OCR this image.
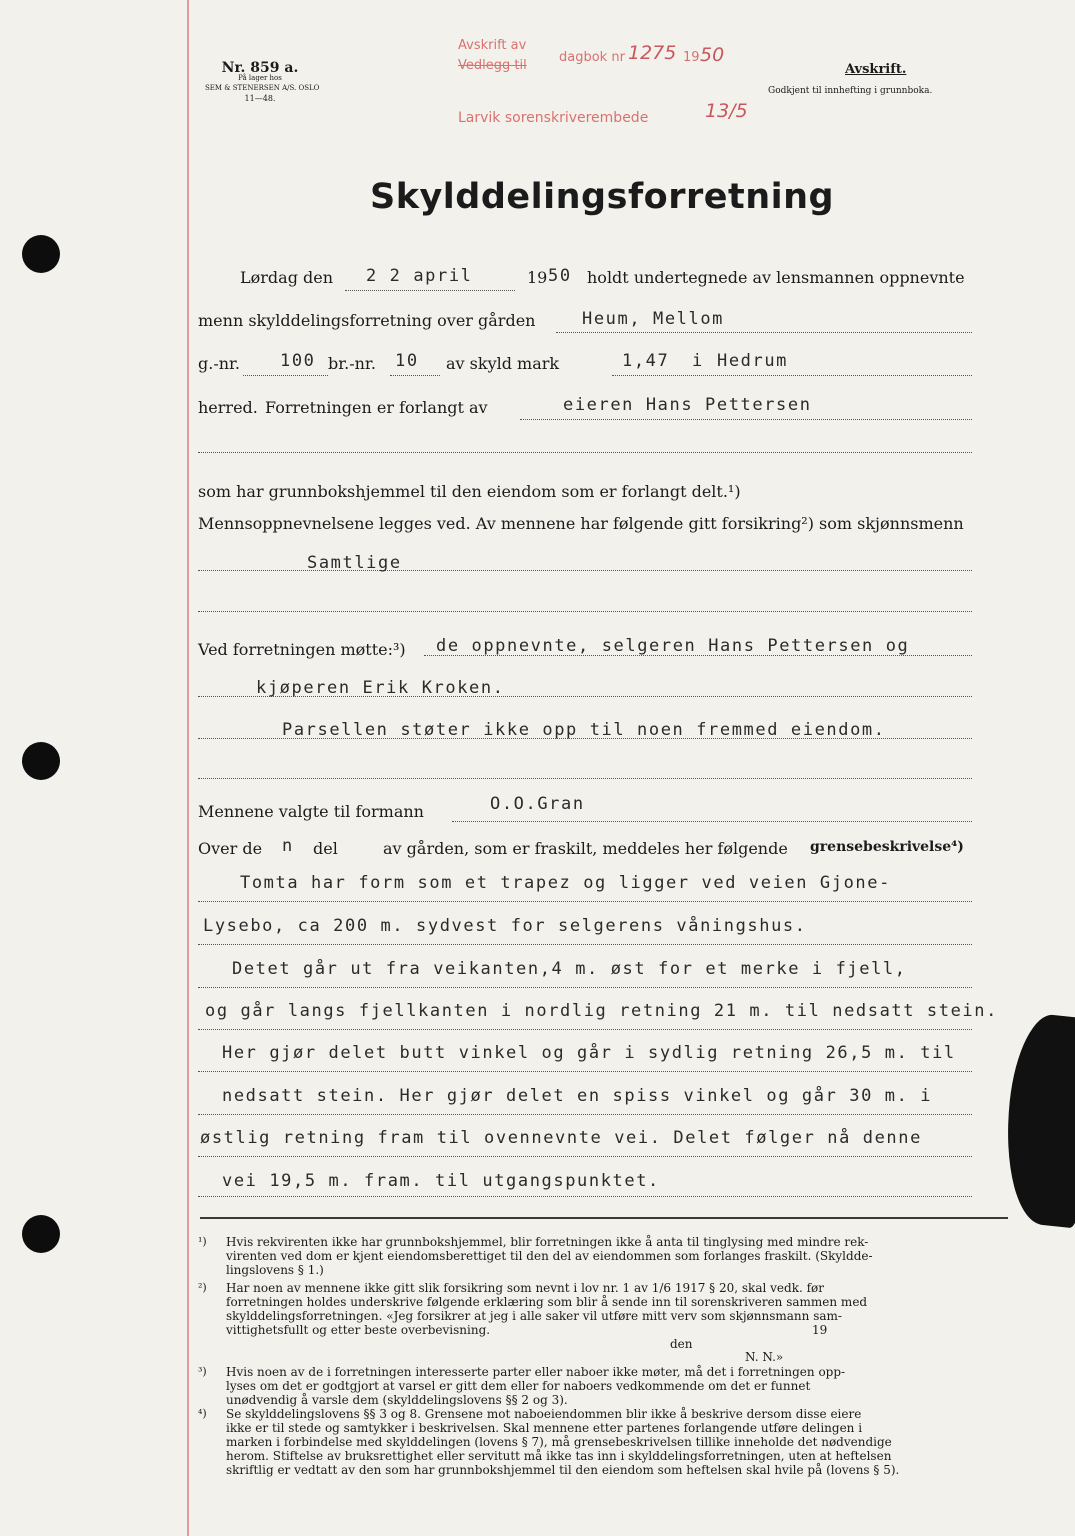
Nr. 859 a.
På lager hos
SEM & STENERSEN A/S. OSLO
11—48.
Avskrift av
Vedlegg til
dagbok nr 1275 19 50
Larvik sorenskriverembede	13/5
Avskrift.
Godkjent til innhefting i grunnboka.
Skylddelingsforretning
Lørdag den 2 2 april	19 50 holdt undertegnede av lensmannen oppnevnte
menn skylddelingsforretning over gården	Heum, Mellom
g.-nr. 100 br.-nr. 10 av skyld mark	1,47 i Hedrum
herred. Forretningen er forlangt av	eieren Hans Pettersen
som har grunnbokshjemmel til den eiendom som er forlangt delt.¹)
Mennsoppnevnelsene legges ved. Av mennene har følgende gitt forsikring²) som skjønnsmenn
Samtlige
Ved forretningen møtte:³) de oppnevnte, selgeren Hans Pettersen og
kjøperen Erik Kroken.
Parsellen støter ikke opp til noen fremmed eiendom.
Mennene valgte til formann	O.O.Gran
Over de n del	av gården, som er fraskilt, meddeles her følgende grensebeskrivelse⁴)
Tomta har form som et trapez og ligger ved veien Gjone-
Lysebo, ca 200 m. sydvest for selgerens våningshus.
Detet går ut fra veikanten,4 m. øst for et merke i fjell,
og går langs fjellkanten i nordlig retning 21 m. til nedsatt stein.
Her gjør delet butt vinkel og går i sydlig retning 26,5 m. til
nedsatt stein. Her gjør delet en spiss vinkel og går 30 m. i
østlig retning fram til ovennevnte vei. Delet følger nå denne
vei 19,5 m. fram. til utgangspunktet.
¹) Hvis rekvirenten ikke har grunnbokshjemmel, blir forretningen ikke å anta til tinglysing med mindre rek-
virenten ved dom er kjent eiendomsberettiget til den del av eiendommen som forlanges fraskilt. (Skyldde-
lingslovens § 1.)
²) Har noen av mennene ikke gitt slik forsikring som nevnt i lov nr. 1 av 1/6 1917 § 20, skal vedk. før
forretningen holdes underskrive følgende erklæring som blir å sende inn til sorenskriveren sammen med
skylddelingsforretningen. «Jeg forsikrer at jeg i alle saker vil utføre mitt verv som skjønnsmann sam-
vittighetsfullt og etter beste overbevisning.
den
19
N. N.»
³) Hvis noen av de i forretningen interesserte parter eller naboer ikke møter, må det i forretningen opp-
lyses om det er godtgjort at varsel er gitt dem eller for naboers vedkommende om det er funnet
unødvendig å varsle dem (skylddelingslovens §§ 2 og 3).
⁴) Se skylddelingslovens §§ 3 og 8. Grensene mot naboeiendommen blir ikke å beskrive dersom disse eiere
ikke er til stede og samtykker i beskrivelsen. Skal mennene etter partenes forlangende utføre delingen i
marken i forbindelse med skylddelingen (lovens § 7), må grensebeskrivelsen tillike inneholde det nødvendige
herom. Stiftelse av bruksrettighet eller servitutt må ikke tas inn i skylddelingsforretningen, uten at heftelsen
skriftlig er vedtatt av den som har grunnbokshjemmel til den eiendom som heftelsen skal hvile på (lovens § 5).
